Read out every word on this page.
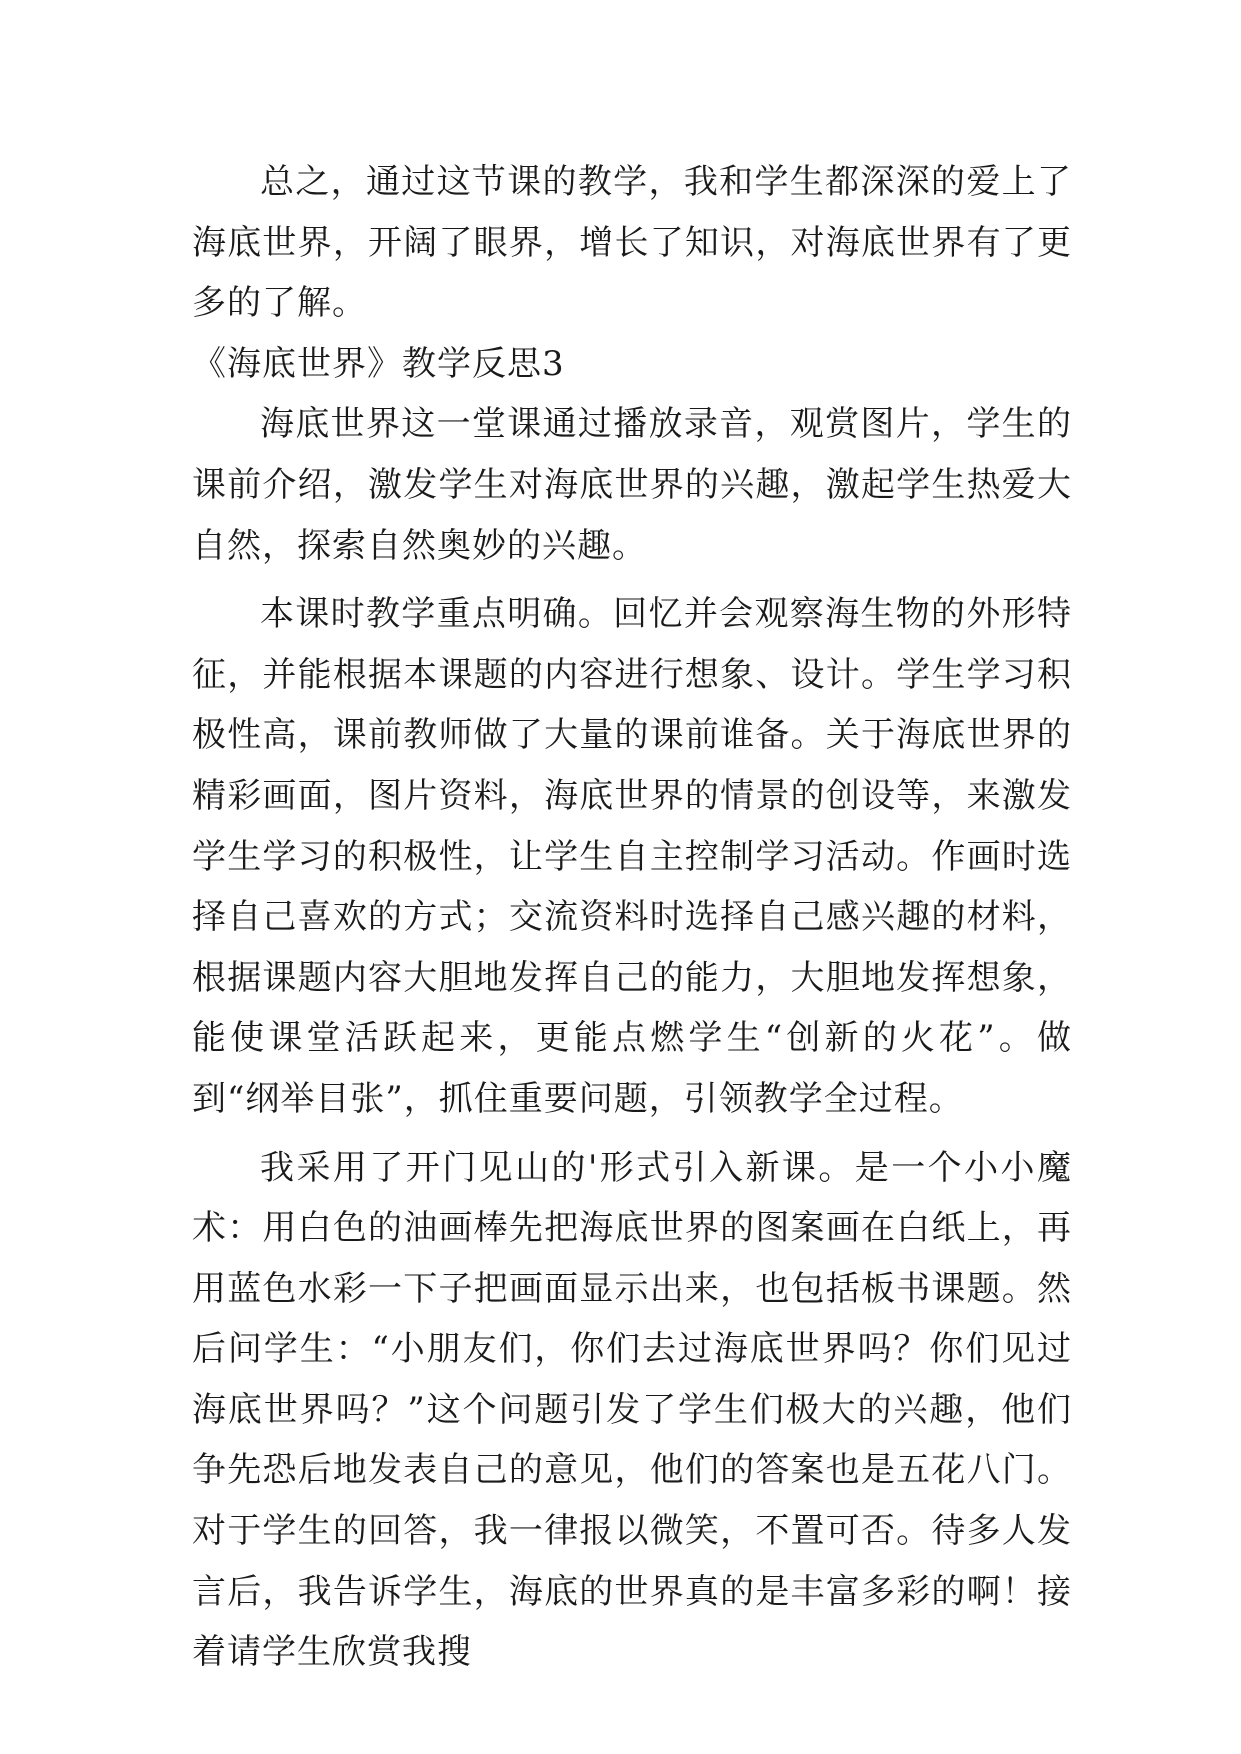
总之，通过这节课的教学，我和学生都深深的爱上了海底世界，开阔了眼界，增长了知识，对海底世界有了更多的了解。

《海底世界》教学反思3

海底世界这一堂课通过播放录音，观赏图片，学生的课前介绍，激发学生对海底世界的兴趣，激起学生热爱大自然，探索自然奥妙的兴趣。

本课时教学重点明确。回忆并会观察海生物的外形特征，并能根据本课题的内容进行想象、设计。学生学习积极性高，课前教师做了大量的课前谁备。关于海底世界的精彩画面，图片资料，海底世界的情景的创设等，来激发学生学习的积极性，让学生自主控制学习活动。作画时选择自己喜欢的方式；交流资料时选择自己感兴趣的材料，根据课题内容大胆地发挥自己的能力，大胆地发挥想象，能使课堂活跃起来，更能点燃学生“创新的火花”。做到“纲举目张”，抓住重要问题，引领教学全过程。

我采用了开门见山的'形式引入新课。是一个小小魔术：用白色的油画棒先把海底世界的图案画在白纸上，再用蓝色水彩一下子把画面显示出来，也包括板书课题。然后问学生：“小朋友们，你们去过海底世界吗？你们见过海底世界吗？”这个问题引发了学生们极大的兴趣，他们争先恐后地发表自己的意见，他们的答案也是五花八门。对于学生的回答，我一律报以微笑，不置可否。待多人发言后，我告诉学生，海底的世界真的是丰富多彩的啊！接着请学生欣赏我搜
